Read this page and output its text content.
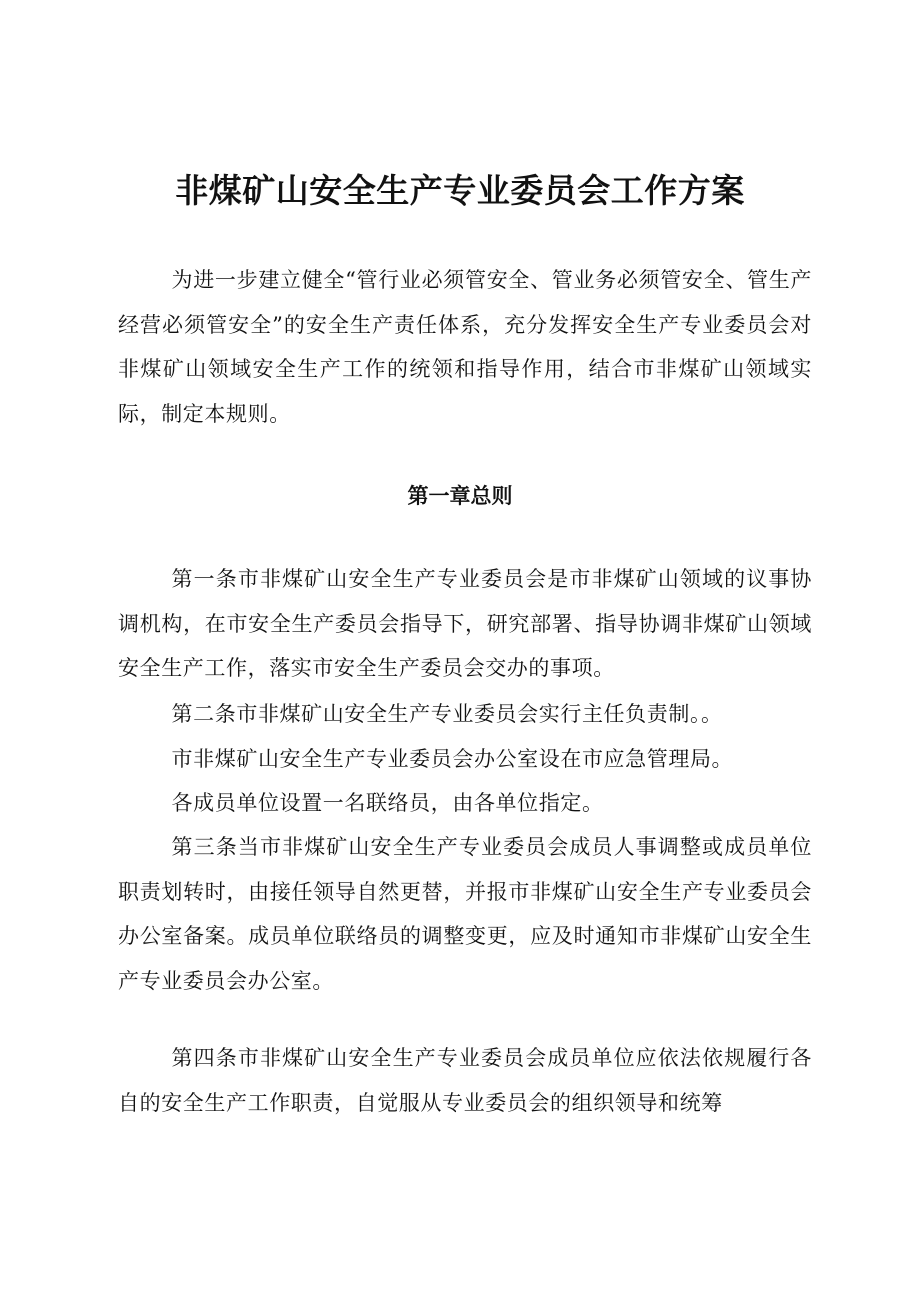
非煤矿山安全生产专业委员会工作方案

为进一步建立健全“管行业必须管安全、管业务必须管安全、管生产经营必须管安全”的安全生产责任体系，充分发挥安全生产专业委员会对非煤矿山领域安全生产工作的统领和指导作用，结合市非煤矿山领域实际，制定本规则。

第一章总则

第一条市非煤矿山安全生产专业委员会是市非煤矿山领域的议事协调机构，在市安全生产委员会指导下，研究部署、指导协调非煤矿山领域安全生产工作，落实市安全生产委员会交办的事项。

第二条市非煤矿山安全生产专业委员会实行主任负责制。。

市非煤矿山安全生产专业委员会办公室设在市应急管理局。

各成员单位设置一名联络员，由各单位指定。

第三条当市非煤矿山安全生产专业委员会成员人事调整或成员单位职责划转时，由接任领导自然更替，并报市非煤矿山安全生产专业委员会办公室备案。成员单位联络员的调整变更，应及时通知市非煤矿山安全生产专业委员会办公室。

第四条市非煤矿山安全生产专业委员会成员单位应依法依规履行各自的安全生产工作职责，自觉服从专业委员会的组织领导和统筹
